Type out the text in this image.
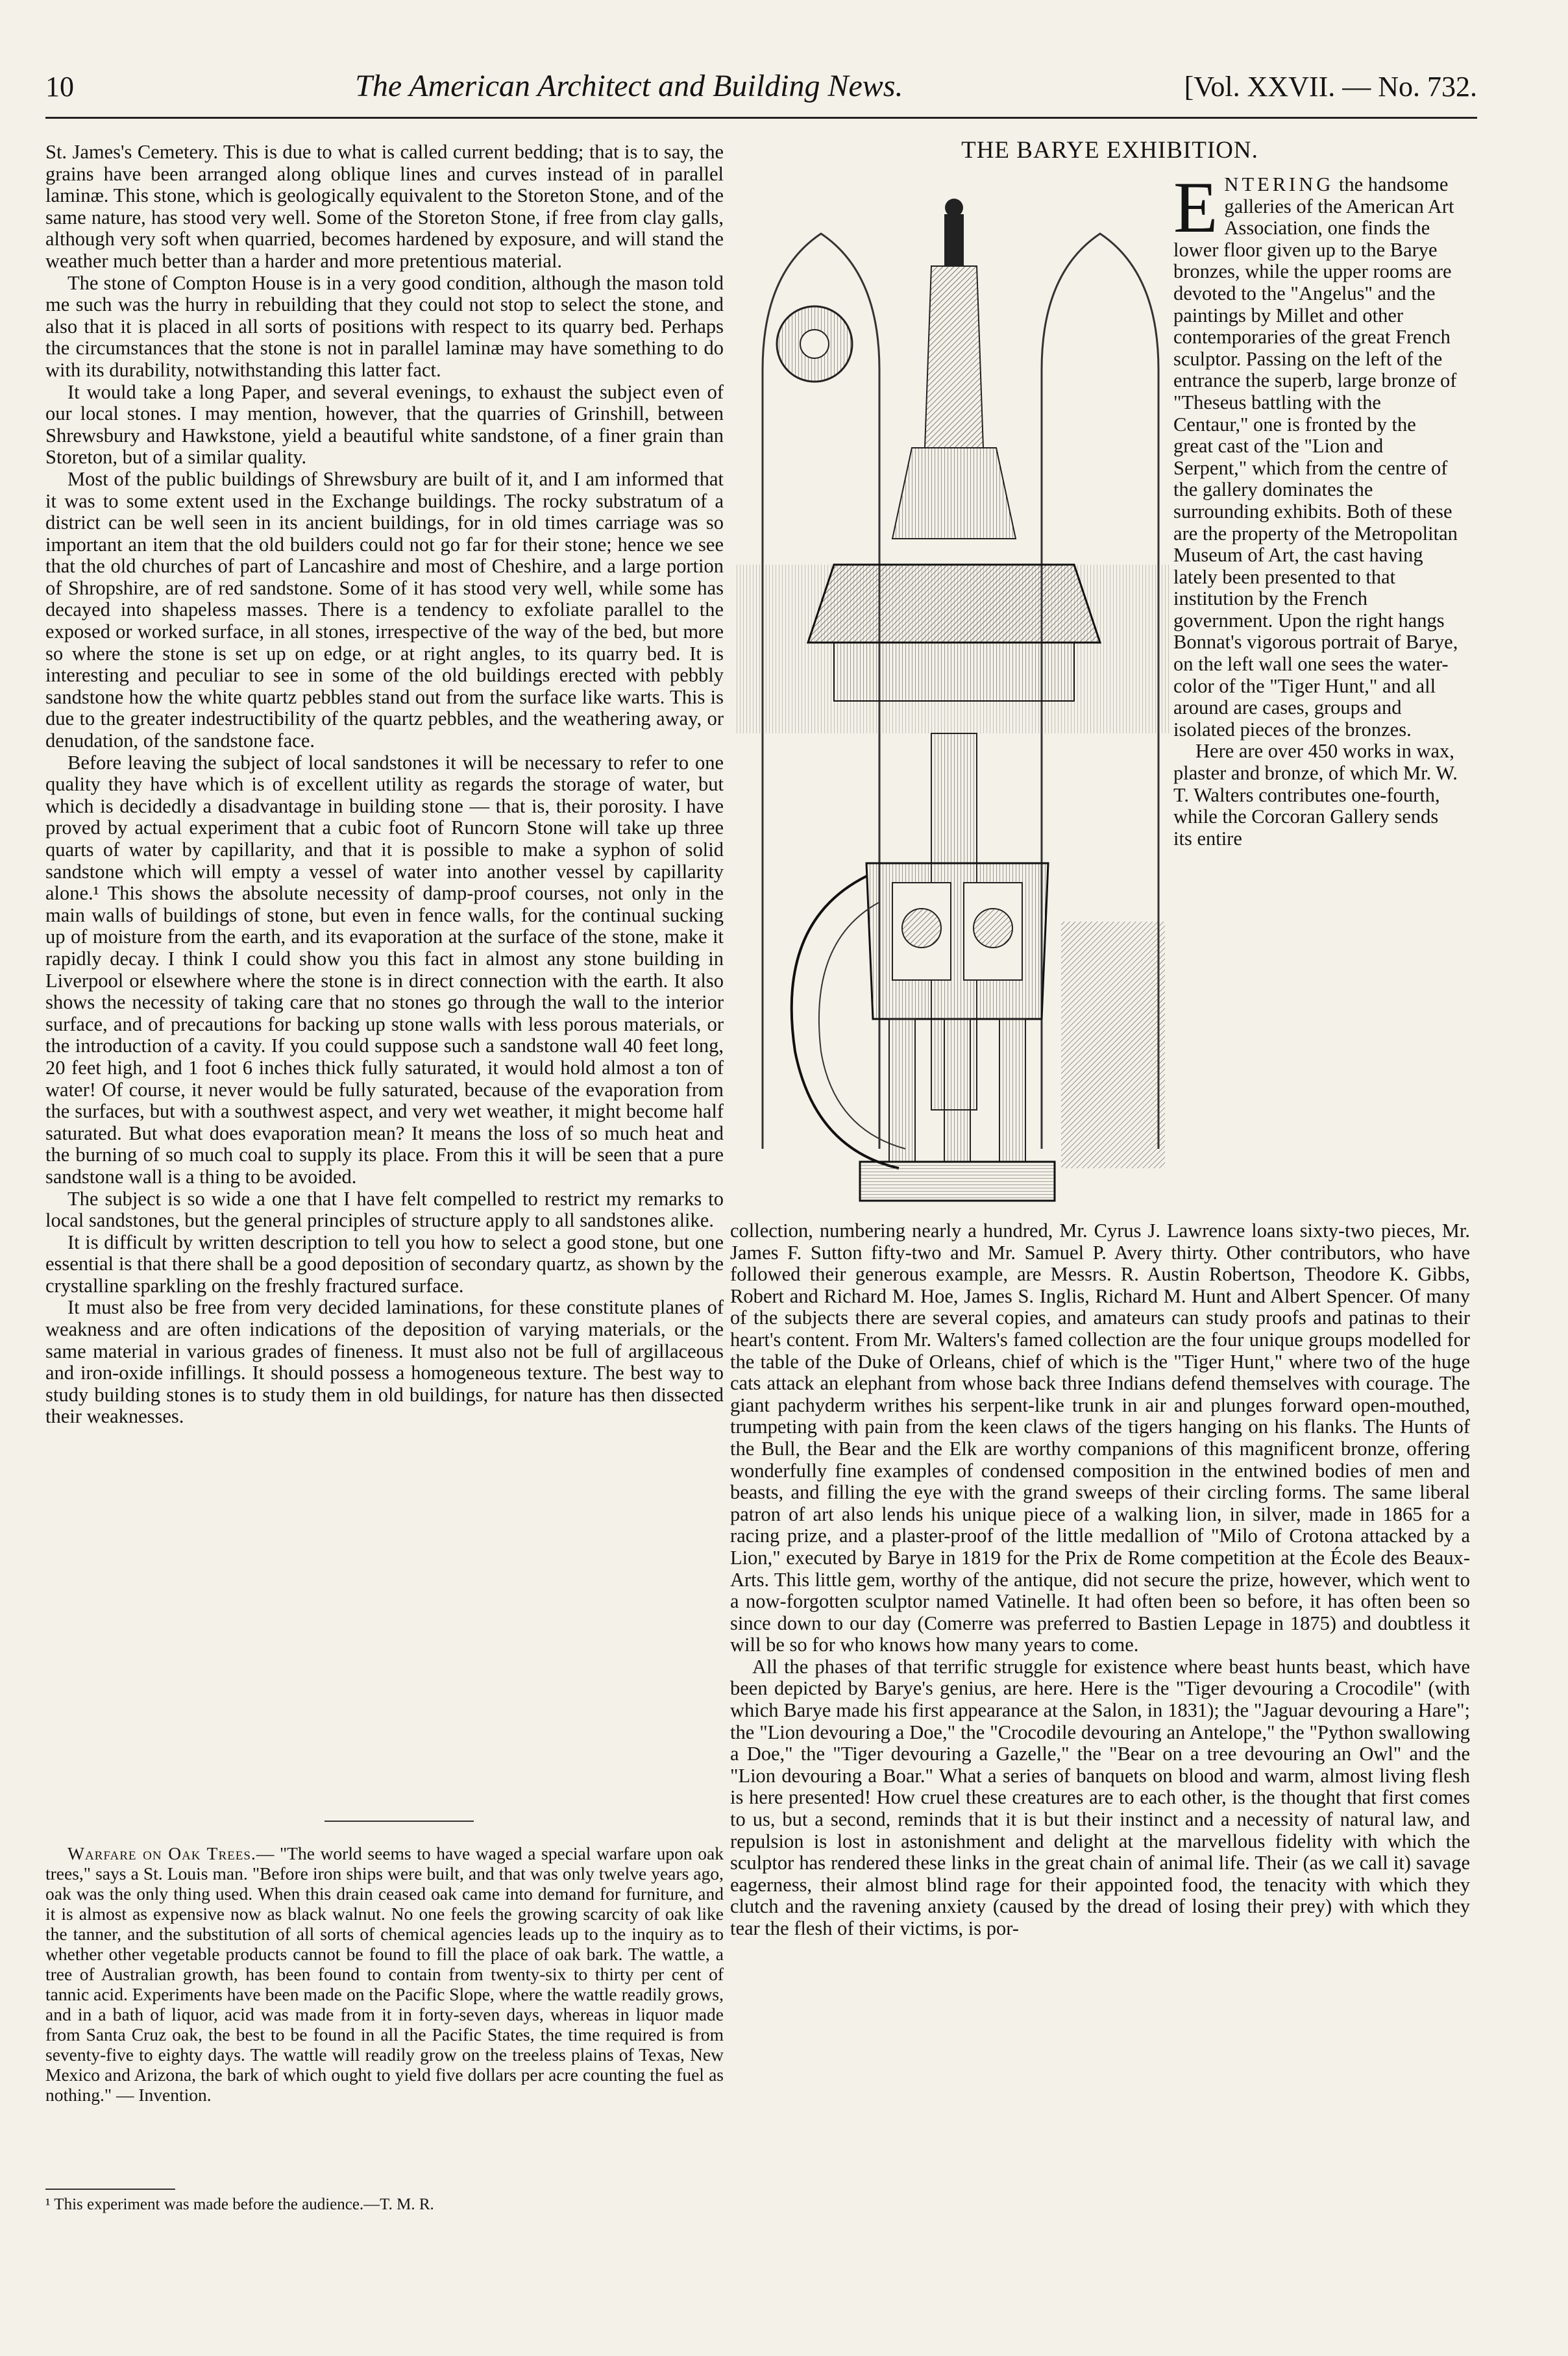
10	The American Architect and Building News.	[Vol. XXVII. — No. 732.

St. James's Cemetery. This is due to what is called current bedding; that is to say, the grains have been arranged along oblique lines and curves instead of in parallel laminæ. This stone, which is geologically equivalent to the Storeton Stone, and of the same nature, has stood very well. Some of the Storeton Stone, if free from clay galls, although very soft when quarried, becomes hardened by exposure, and will stand the weather much better than a harder and more pretentious material.

The stone of Compton House is in a very good condition, although the mason told me such was the hurry in rebuilding that they could not stop to select the stone, and also that it is placed in all sorts of positions with respect to its quarry bed. Perhaps the circumstances that the stone is not in parallel laminæ may have something to do with its durability, notwithstanding this latter fact.

It would take a long Paper, and several evenings, to exhaust the subject even of our local stones. I may mention, however, that the quarries of Grinshill, between Shrewsbury and Hawkstone, yield a beautiful white sandstone, of a finer grain than Storeton, but of a similar quality.

Most of the public buildings of Shrewsbury are built of it, and I am informed that it was to some extent used in the Exchange buildings. The rocky substratum of a district can be well seen in its ancient buildings, for in old times carriage was so important an item that the old builders could not go far for their stone; hence we see that the old churches of part of Lancashire and most of Cheshire, and a large portion of Shropshire, are of red sandstone. Some of it has stood very well, while some has decayed into shapeless masses. There is a tendency to exfoliate parallel to the exposed or worked surface, in all stones, irrespective of the way of the bed, but more so where the stone is set up on edge, or at right angles, to its quarry bed. It is interesting and peculiar to see in some of the old buildings erected with pebbly sandstone how the white quartz pebbles stand out from the surface like warts. This is due to the greater indestructibility of the quartz pebbles, and the weathering away, or denudation, of the sandstone face.

Before leaving the subject of local sandstones it will be necessary to refer to one quality they have which is of excellent utility as regards the storage of water, but which is decidedly a disadvantage in building stone — that is, their porosity. I have proved by actual experiment that a cubic foot of Runcorn Stone will take up three quarts of water by capillarity, and that it is possible to make a syphon of solid sandstone which will empty a vessel of water into another vessel by capillarity alone.¹ This shows the absolute necessity of damp-proof courses, not only in the main walls of buildings of stone, but even in fence walls, for the continual sucking up of moisture from the earth, and its evaporation at the surface of the stone, make it rapidly decay. I think I could show you this fact in almost any stone building in Liverpool or elsewhere where the stone is in direct connection with the earth. It also shows the necessity of taking care that no stones go through the wall to the interior surface, and of precautions for backing up stone walls with less porous materials, or the introduction of a cavity. If you could suppose such a sandstone wall 40 feet long, 20 feet high, and 1 foot 6 inches thick fully saturated, it would hold almost a ton of water! Of course, it never would be fully saturated, because of the evaporation from the surfaces, but with a southwest aspect, and very wet weather, it might become half saturated. But what does evaporation mean? It means the loss of so much heat and the burning of so much coal to supply its place. From this it will be seen that a pure sandstone wall is a thing to be avoided.

The subject is so wide a one that I have felt compelled to restrict my remarks to local sandstones, but the general principles of structure apply to all sandstones alike.

It is difficult by written description to tell you how to select a good stone, but one essential is that there shall be a good deposition of secondary quartz, as shown by the crystalline sparkling on the freshly fractured surface.

It must also be free from very decided laminations, for these constitute planes of weakness and are often indications of the deposition of varying materials, or the same material in various grades of fineness. It must also not be full of argillaceous and iron-oxide infillings. It should possess a homogeneous texture. The best way to study building stones is to study them in old buildings, for nature has then dissected their weaknesses.

Warfare on Oak Trees.— "The world seems to have waged a special warfare upon oak trees," says a St. Louis man. "Before iron ships were built, and that was only twelve years ago, oak was the only thing used. When this drain ceased oak came into demand for furniture, and it is almost as expensive now as black walnut. No one feels the growing scarcity of oak like the tanner, and the substitution of all sorts of chemical agencies leads up to the inquiry as to whether other vegetable products cannot be found to fill the place of oak bark. The wattle, a tree of Australian growth, has been found to contain from twenty-six to thirty per cent of tannic acid. Experiments have been made on the Pacific Slope, where the wattle readily grows, and in a bath of liquor, acid was made from it in forty-seven days, whereas in liquor made from Santa Cruz oak, the best to be found in all the Pacific States, the time required is from seventy-five to eighty days. The wattle will readily grow on the treeless plains of Texas, New Mexico and Arizona, the bark of which ought to yield five dollars per acre counting the fuel as nothing." — Invention.

¹ This experiment was made before the audience.—T. M. R.
THE BARYE EXHIBITION.

ENTERING the handsome galleries of the American Art Association, one finds the lower floor given up to the Barye bronzes, while the upper rooms are devoted to the "Angelus" and the paintings by Millet and other contemporaries of the great French sculptor. Passing on the left of the entrance the superb, large bronze of "Theseus battling with the Centaur," one is fronted by the great cast of the "Lion and Serpent," which from the centre of the gallery dominates the surrounding exhibits. Both of these are the property of the Metropolitan Museum of Art, the cast having lately been presented to that institution by the French government. Upon the right hangs Bonnat's vigorous portrait of Barye, on the left wall one sees the water-color of the "Tiger Hunt," and all around are cases, groups and isolated pieces of the bronzes.

Here are over 450 works in wax, plaster and bronze, of which Mr. W. T. Walters contributes one-fourth, while the Corcoran Gallery sends its entire

collection, numbering nearly a hundred, Mr. Cyrus J. Lawrence loans sixty-two pieces, Mr. James F. Sutton fifty-two and Mr. Samuel P. Avery thirty. Other contributors, who have followed their generous example, are Messrs. R. Austin Robertson, Theodore K. Gibbs, Robert and Richard M. Hoe, James S. Inglis, Richard M. Hunt and Albert Spencer. Of many of the subjects there are several copies, and amateurs can study proofs and patinas to their heart's content. From Mr. Walters's famed collection are the four unique groups modelled for the table of the Duke of Orleans, chief of which is the "Tiger Hunt," where two of the huge cats attack an elephant from whose back three Indians defend themselves with courage. The giant pachyderm writhes his serpent-like trunk in air and plunges forward open-mouthed, trumpeting with pain from the keen claws of the tigers hanging on his flanks. The Hunts of the Bull, the Bear and the Elk are worthy companions of this magnificent bronze, offering wonderfully fine examples of condensed composition in the entwined bodies of men and beasts, and filling the eye with the grand sweeps of their circling forms. The same liberal patron of art also lends his unique piece of a walking lion, in silver, made in 1865 for a racing prize, and a plaster-proof of the little medallion of "Milo of Crotona attacked by a Lion," executed by Barye in 1819 for the Prix de Rome competition at the École des Beaux-Arts. This little gem, worthy of the antique, did not secure the prize, however, which went to a now-forgotten sculptor named Vatinelle. It had often been so before, it has often been so since down to our day (Comerre was preferred to Bastien Lepage in 1875) and doubtless it will be so for who knows how many years to come.

All the phases of that terrific struggle for existence where beast hunts beast, which have been depicted by Barye's genius, are here. Here is the "Tiger devouring a Crocodile" (with which Barye made his first appearance at the Salon, in 1831); the "Jaguar devouring a Hare"; the "Lion devouring a Doe," the "Crocodile devouring an Antelope," the "Python swallowing a Doe," the "Tiger devouring a Gazelle," the "Bear on a tree devouring an Owl" and the "Lion devouring a Boar." What a series of banquets on blood and warm, almost living flesh is here presented! How cruel these creatures are to each other, is the thought that first comes to us, but a second, reminds that it is but their instinct and a necessity of natural law, and repulsion is lost in astonishment and delight at the marvellous fidelity with which the sculptor has rendered these links in the great chain of animal life. Their (as we call it) savage eagerness, their almost blind rage for their appointed food, the tenacity with which they clutch and the ravening anxiety (caused by the dread of losing their prey) with which they tear the flesh of their victims, is por-
